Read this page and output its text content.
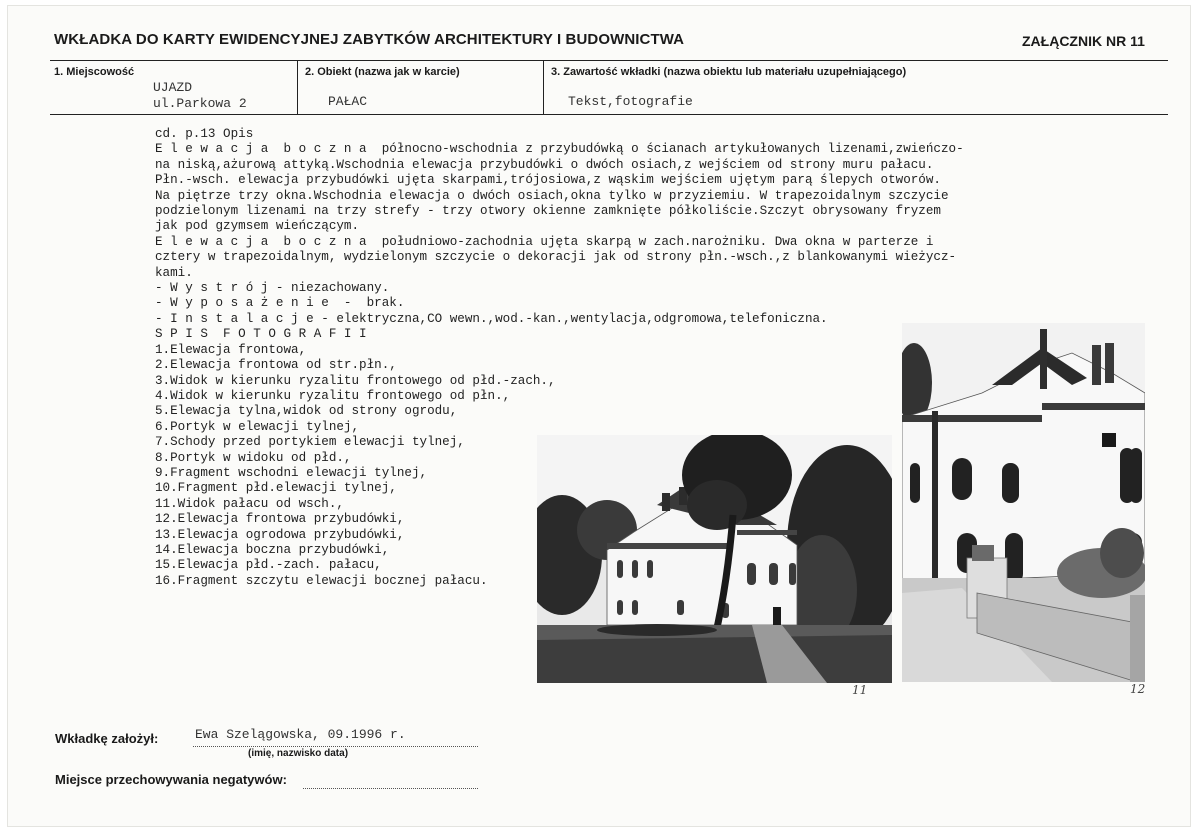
WKŁADKA DO KARTY EWIDENCYJNEJ ZABYTKÓW ARCHITEKTURY I BUDOWNICTWA	ZAŁĄCZNIK NR 11
1. Miejscowość	2. Obiekt (nazwa jak w karcie)	3. Zawartość wkładki (nazwa obiektu lub materiału uzupełniającego)
UJAZD
ul.Parkowa 2	PAŁAC	Tekst,fotografie
cd. p.13 Opis
E l e w a c j a  b o c z n a  północno-wschodnia z przybudówką o ścianach artykułowanych lizenami,zwieńczo-
na niską,ażurową attyką.Wschodnia elewacja przybudówki o dwóch osiach,z wejściem od strony muru pałacu.
Płn.-wsch. elewacja przybudówki ujęta skarpami,trójosiowa,z wąskim wejściem ujętym parą ślepych otworów.
Na piętrze trzy okna.Wschodnia elewacja o dwóch osiach,okna tylko w przyziemiu. W trapezoidalnym szczycie
podzielonym lizenami na trzy strefy - trzy otwory okienne zamknięte półkoliście.Szczyt obrysowany fryzem
jak pod gzymsem wieńczącym.
E l e w a c j a  b o c z n a  południowo-zachodnia ujęta skarpą w zach.narożniku. Dwa okna w parterze i
cztery w trapezoidalnym, wydzielonym szczycie o dekoracji jak od strony płn.-wsch.,z blankowanymi wieżycz-
kami.
- W y s t r ó j - niezachowany.
- W y p o s a ż e n i e  -  brak.
- I n s t a l a c j e - elektryczna,CO wewn.,wod.-kan.,wentylacja,odgromowa,telefoniczna.
S P I S  F O T O G R A F I I
1.Elewacja frontowa,
2.Elewacja frontowa od str.płn.,
3.Widok w kierunku ryzalitu frontowego od płd.-zach.,
4.Widok w kierunku ryzalitu frontowego od płn.,
5.Elewacja tylna,widok od strony ogrodu,
6.Portyk w elewacji tylnej,
7.Schody przed portykiem elewacji tylnej,
8.Portyk w widoku od płd.,
9.Fragment wschodni elewacji tylnej,
10.Fragment płd.elewacji tylnej,
11.Widok pałacu od wsch.,
12.Elewacja frontowa przybudówki,
13.Elewacja ogrodowa przybudówki,
14.Elewacja boczna przybudówki,
15.Elewacja płd.-zach. pałacu,
16.Fragment szczytu elewacji bocznej pałacu.
11	12
Wkładkę założył:	Ewa Szelągowska, 09.1996 r.
(imię, nazwisko data)
Miejsce przechowywania negatywów:
